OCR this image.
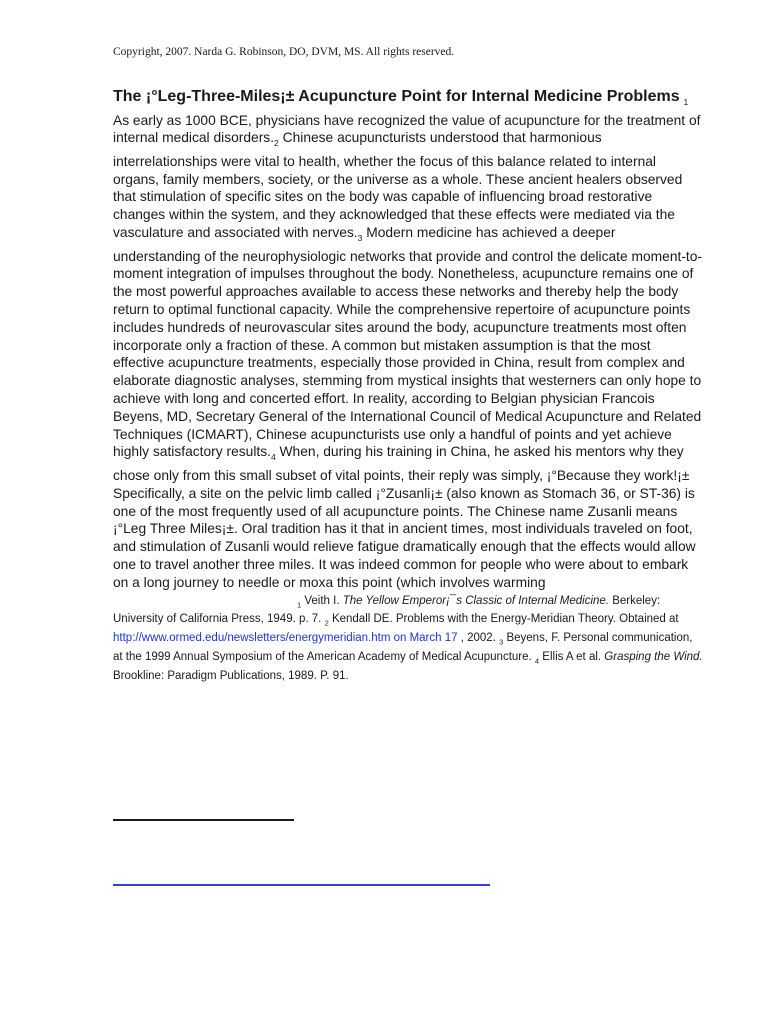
Copyright, 2007. Narda G. Robinson, DO, DVM, MS. All rights reserved.

The ¡°Leg-Three-Miles¡± Acupuncture Point for Internal Medicine Problems $_1$ As early as 1000 BCE, physicians have recognized the value of acupuncture for the treatment of internal medical $disorders._2$ Chinese acupuncturists understood that harmonious interrelationships were vital to health, whether the focus of this balance related to internal organs, family members, society, or the universe as a whole. These ancient healers observed that stimulation of specific sites on the body was capable of influencing broad restorative changes within the system, and they acknowledged that these effects were mediated via the vasculature and associated with $nerves._3$ Modern medicine has achieved a deeper understanding of the neurophysiologic networks that provide and control the delicate moment-to-moment integration of impulses throughout the body. Nonetheless, acupuncture remains one of the most powerful approaches available to access these networks and thereby help the body return to optimal functional capacity. While the comprehensive repertoire of acupuncture points includes hundreds of neurovascular sites around the body, acupuncture treatments most often incorporate only a fraction of these. A common but mistaken assumption is that the most effective acupuncture treatments, especially those provided in China, result from complex and elaborate diagnostic analyses, stemming from mystical insights that westerners can only hope to achieve with long and concerted effort. In reality, according to Belgian physician Francois Beyens, MD, Secretary General of the International Council of Medical Acupuncture and Related Techniques (ICMART), Chinese acupuncturists use only a handful of points and yet achieve highly satisfactory $results._4$ When, during his training in China, he asked his mentors why they chose only from this small subset of vital points, their reply was simply, ¡°Because they work!¡± Specifically, a site on the pelvic limb called ¡°Zusanli¡± (also known as Stomach 36, or ST-36) is one of the most frequently used of all acupuncture points. The Chinese name Zusanli means ¡°Leg Three Miles¡±. Oral tradition has it that in ancient times, most individuals traveled on foot, and stimulation of Zusanli would relieve fatigue dramatically enough that the effects would allow one to travel another three miles. It was indeed common for people who were about to embark on a long journey to needle or moxa this point (which involves warming

$_1$ Veith I. The Yellow Emperor¡¯s Classic of Internal Medicine. Berkeley: University of California Press, 1949. p. 7. $_2$ Kendall DE. Problems with the Energy-Meridian Theory. Obtained at http://www.ormed.edu/newsletters/energymeridian.htm on March 17 , 2002. $_3$ Beyens, F. Personal communication, at the 1999 Annual Symposium of the American Academy of Medical Acupuncture. $_4$ Ellis A et al. Grasping the Wind. Brookline: Paradigm Publications, 1989. P. 91.
